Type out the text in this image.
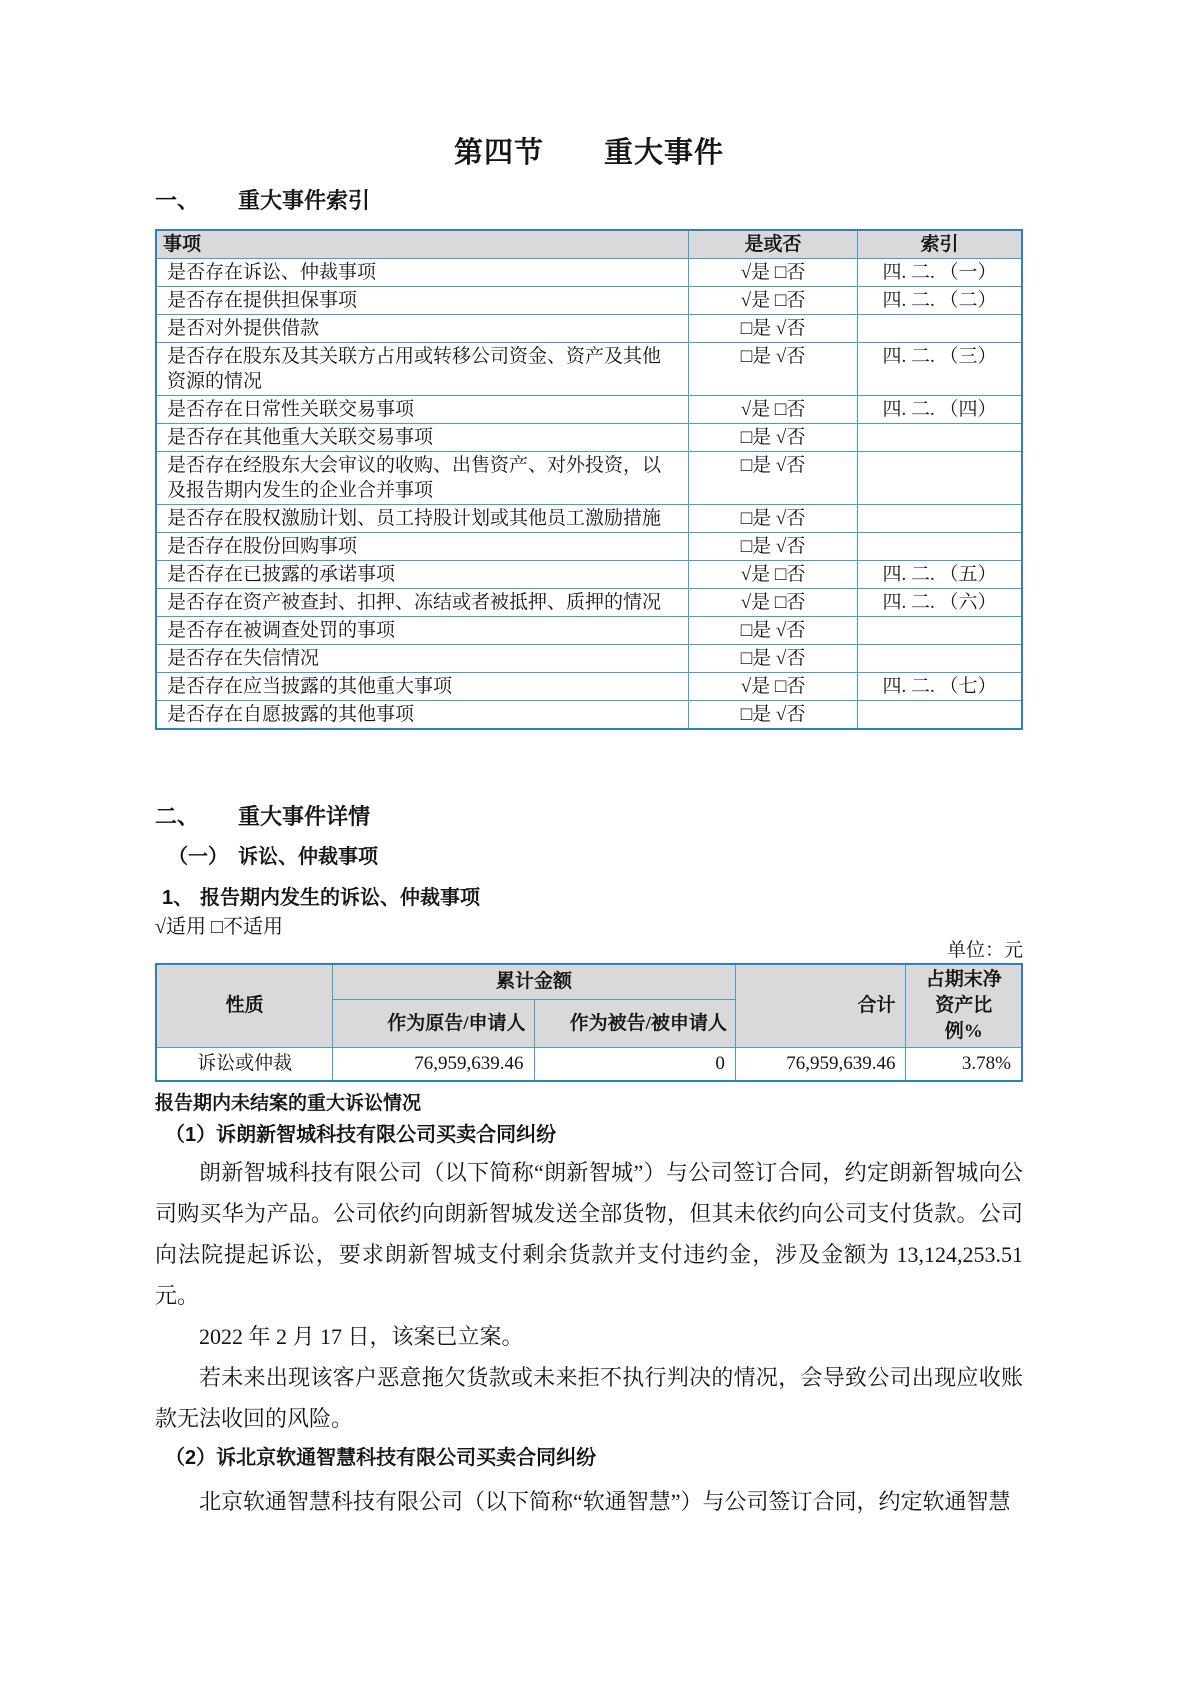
第四节　　重大事件
一、 重大事件索引
事项	是或否	索引
是否存在诉讼、仲裁事项	√是 □否	四. 二. （一）
是否存在提供担保事项	√是 □否	四. 二. （二）
是否对外提供借款	□是 √否	
是否存在股东及其关联方占用或转移公司资金、资产及其他资源的情况	□是 √否	四. 二. （三）
是否存在日常性关联交易事项	√是 □否	四. 二. （四）
是否存在其他重大关联交易事项	□是 √否	
是否存在经股东大会审议的收购、出售资产、对外投资，以及报告期内发生的企业合并事项	□是 √否	
是否存在股权激励计划、员工持股计划或其他员工激励措施	□是 √否	
是否存在股份回购事项	□是 √否	
是否存在已披露的承诺事项	√是 □否	四. 二. （五）
是否存在资产被查封、扣押、冻结或者被抵押、质押的情况	√是 □否	四. 二. （六）
是否存在被调查处罚的事项	□是 √否	
是否存在失信情况	□是 √否	
是否存在应当披露的其他重大事项	√是 □否	四. 二. （七）
是否存在自愿披露的其他事项	□是 √否	
二、 重大事件详情
（一） 诉讼、仲裁事项
1、 报告期内发生的诉讼、仲裁事项
√适用 □不适用
单位：元
性质	累计金额		合计	占期末净资产比例%
	作为原告/申请人	作为被告/被申请人		
诉讼或仲裁	76,959,639.46	0	76,959,639.46	3.78%
报告期内未结案的重大诉讼情况
（1）诉朗新智城科技有限公司买卖合同纠纷

朗新智城科技有限公司（以下简称“朗新智城”）与公司签订合同，约定朗新智城向公司购买华为产品。公司依约向朗新智城发送全部货物，但其未依约向公司支付货款。公司向法院提起诉讼，要求朗新智城支付剩余货款并支付违约金，涉及金额为 13,124,253.51 元。

2022 年 2 月 17 日，该案已立案。

若未来出现该客户恶意拖欠货款或未来拒不执行判决的情况，会导致公司出现应收账款无法收回的风险。

（2）诉北京软通智慧科技有限公司买卖合同纠纷

北京软通智慧科技有限公司（以下简称“软通智慧”）与公司签订合同，约定软通智慧
